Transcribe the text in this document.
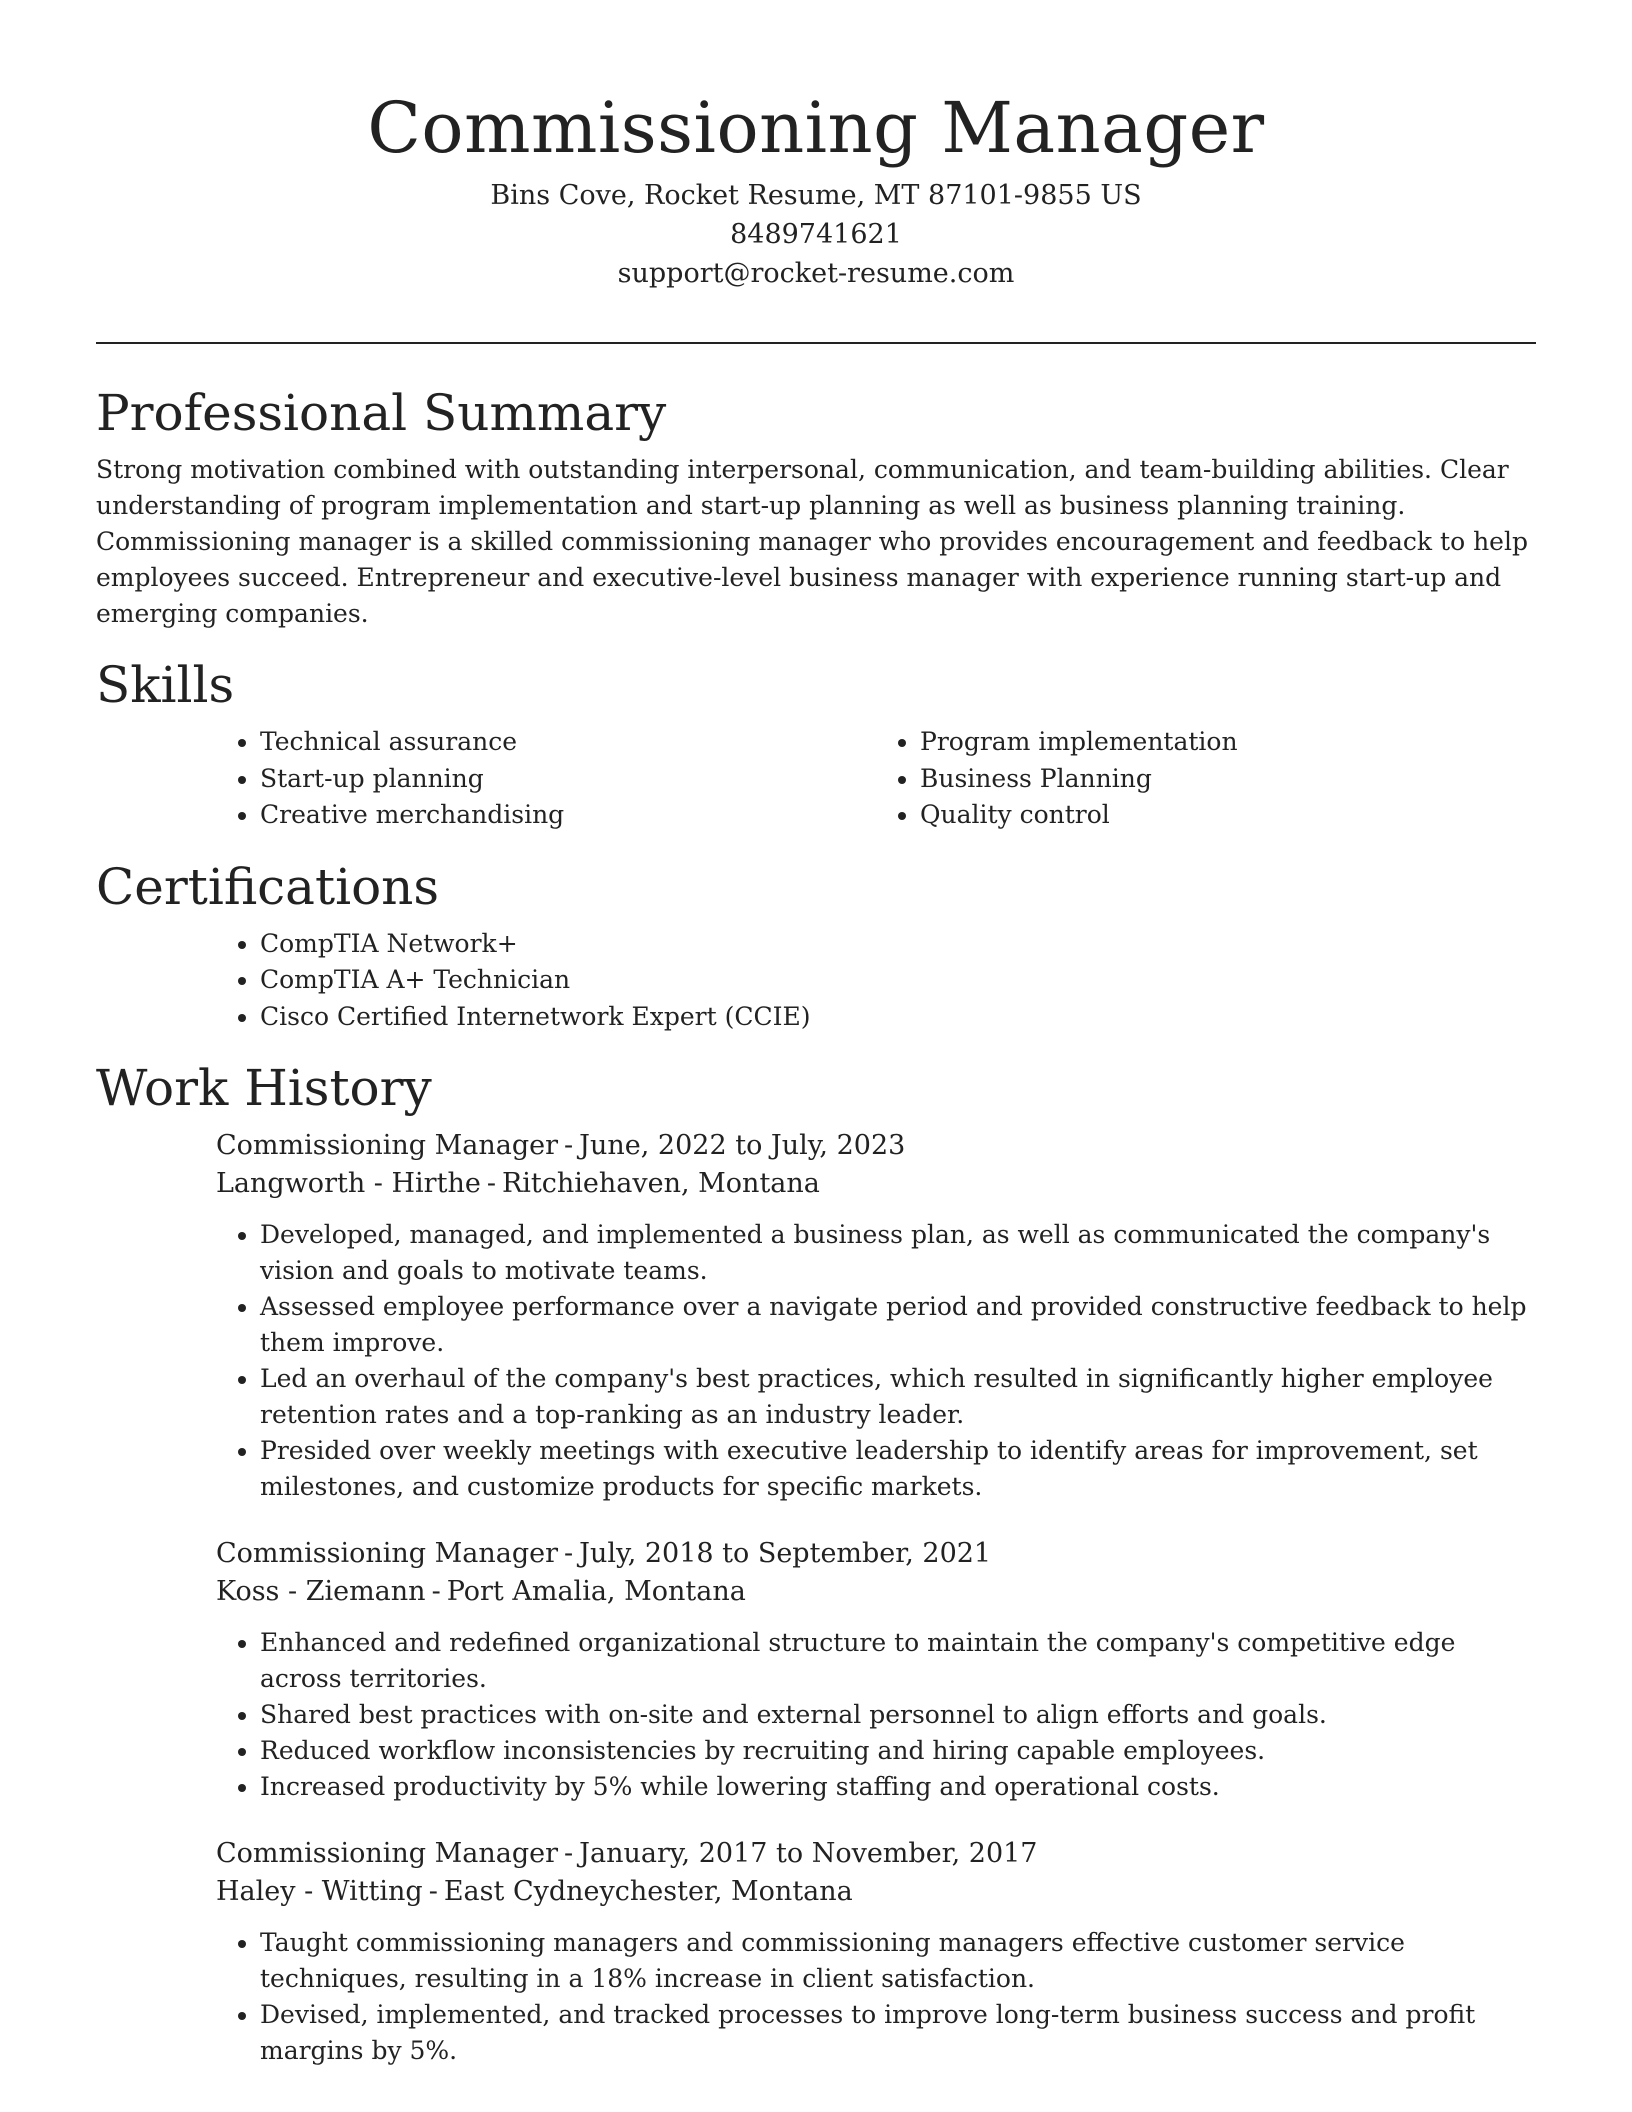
Commissioning Manager
Bins Cove, Rocket Resume, MT 87101-9855 US
8489741621
support@rocket-resume.com
Professional Summary

Strong motivation combined with outstanding interpersonal, communication, and team-building abilities. Clear understanding of program implementation and start-up planning as well as business planning training. Commissioning manager is a skilled commissioning manager who provides encouragement and feedback to help employees succeed. Entrepreneur and executive-level business manager with experience running start-up and emerging companies.

Skills
• Technical assurance
• Start-up planning
• Creative merchandising
• Program implementation
• Business Planning
• Quality control
Certifications
• CompTIA Network+
• CompTIA A+ Technician
• Cisco Certified Internetwork Expert (CCIE)
Work History
Commissioning Manager - June, 2022 to July, 2023
Langworth - Hirthe - Ritchiehaven, Montana
• Developed, managed, and implemented a business plan, as well as communicated the company's vision and goals to motivate teams.
• Assessed employee performance over a navigate period and provided constructive feedback to help them improve.
• Led an overhaul of the company's best practices, which resulted in significantly higher employee retention rates and a top-ranking as an industry leader.
• Presided over weekly meetings with executive leadership to identify areas for improvement, set milestones, and customize products for specific markets.
Commissioning Manager - July, 2018 to September, 2021
Koss - Ziemann - Port Amalia, Montana
• Enhanced and redefined organizational structure to maintain the company's competitive edge across territories.
• Shared best practices with on-site and external personnel to align efforts and goals.
• Reduced workflow inconsistencies by recruiting and hiring capable employees.
• Increased productivity by 5% while lowering staffing and operational costs.
Commissioning Manager - January, 2017 to November, 2017
Haley - Witting - East Cydneychester, Montana
• Taught commissioning managers and commissioning managers effective customer service techniques, resulting in a 18% increase in client satisfaction.
• Devised, implemented, and tracked processes to improve long-term business success and profit margins by 5%.
